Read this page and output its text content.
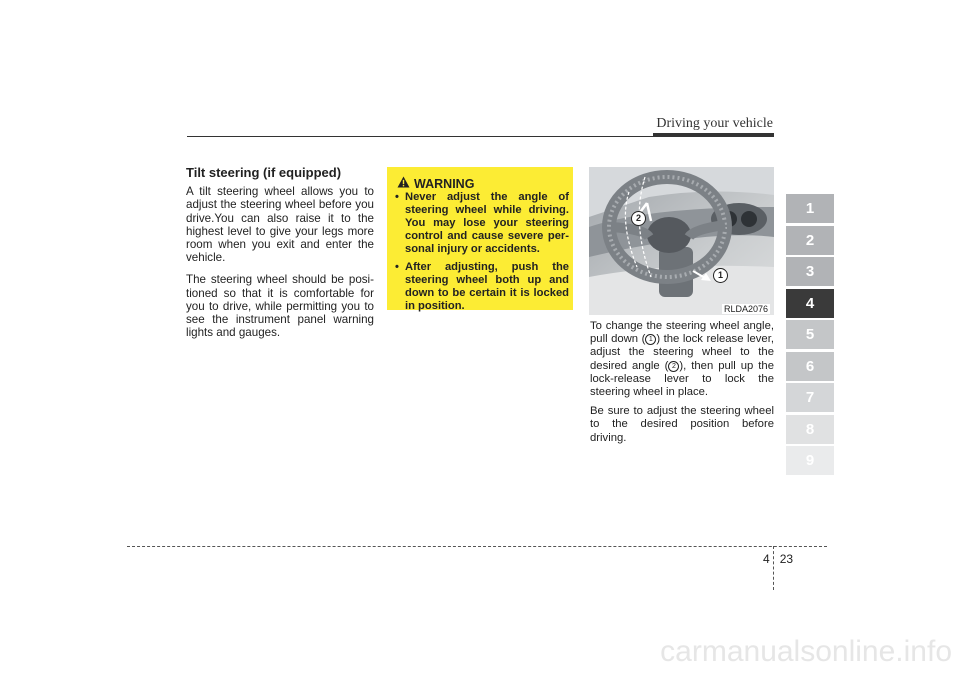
Driving your vehicle
Tilt steering (if equipped)

A tilt steering wheel allows you to adjust the steering wheel before you drive.You can also raise it to the highest level to give your legs more room when you exit and enter the vehicle.

The steering wheel should be posi-tioned so that it is comfortable for you to drive, while permitting you to see the instrument panel warning lights and gauges.

WARNING
• Never adjust the angle of steering wheel while driving. You may lose your steering control and cause severe per-sonal injury or accidents.
• After adjusting, push the steering wheel both up and down to be certain it is locked in position.
2
1
RLDA2076

To change the steering wheel angle, pull down ( 1 ) the lock release lever, adjust the steering wheel to the desired angle ( 2 ), then pull up the lock-release lever to lock the steering wheel in place.

Be sure to adjust the steering wheel to the desired position before driving.

1
2
3
4
5
6
7
8
9
4 23
carmanualsonline.info
